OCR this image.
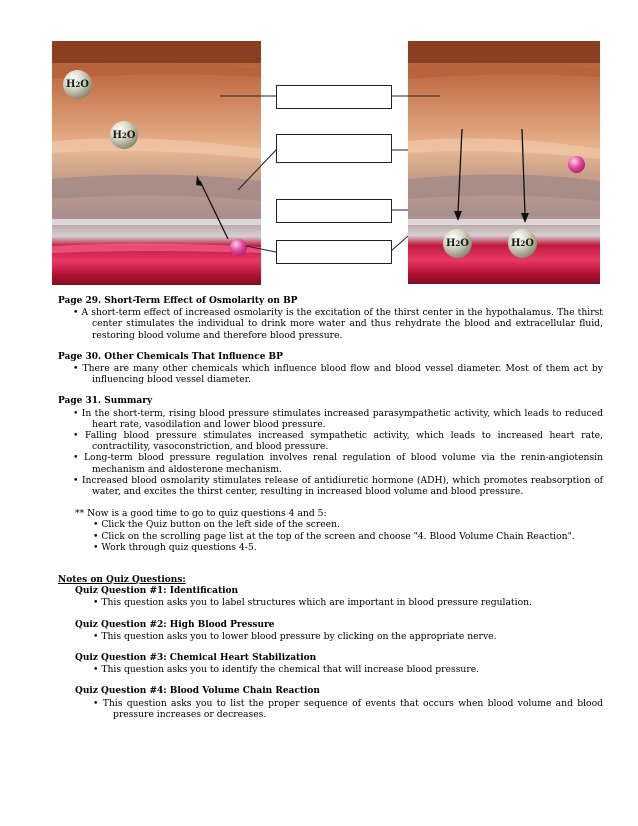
H 2 O
H 2 O
H 2 O	H 2 O

Page 29. Short-Term Effect of Osmolarity on BP

• A short-term effect of increased osmolarity is the excitation of the thirst center in the hypothalamus. The thirst center stimulates the individual to drink more water and thus rehydrate the blood and extracellular fluid, restoring blood volume and therefore blood pressure.

Page 30. Other Chemicals That Influence BP

• There are many other chemicals which influence blood flow and blood vessel diameter. Most of them act by influencing blood vessel diameter.

Page 31. Summary

• In the short-term, rising blood pressure stimulates increased parasympathetic activity, which leads to reduced heart rate, vasodilation and lower blood pressure.

• Falling blood pressure stimulates increased sympathetic activity, which leads to increased heart rate, contractility, vasoconstriction, and blood pressure.

• Long-term blood pressure regulation involves renal regulation of blood volume via the renin-angiotensin mechanism and aldosterone mechanism.

• Increased blood osmolarity stimulates release of antidiuretic hormone (ADH), which promotes reabsorption of water, and excites the thirst center, resulting in increased blood volume and blood pressure.

** Now is a good time to go to quiz questions 4 and 5:

• Click the Quiz button on the left side of the screen.

• Click on the scrolling page list at the top of the screen and choose "4. Blood Volume Chain Reaction".

• Work through quiz questions 4-5.

Notes on Quiz Questions:

Quiz Question #1: Identification

• This question asks you to label structures which are important in blood pressure regulation.

Quiz Question #2: High Blood Pressure

• This question asks you to lower blood pressure by clicking on the appropriate nerve.

Quiz Question #3: Chemical Heart Stabilization

• This question asks you to identify the chemical that will increase blood pressure.

Quiz Question #4: Blood Volume Chain Reaction

• This question asks you to list the proper sequence of events that occurs when blood volume and blood pressure increases or decreases.
